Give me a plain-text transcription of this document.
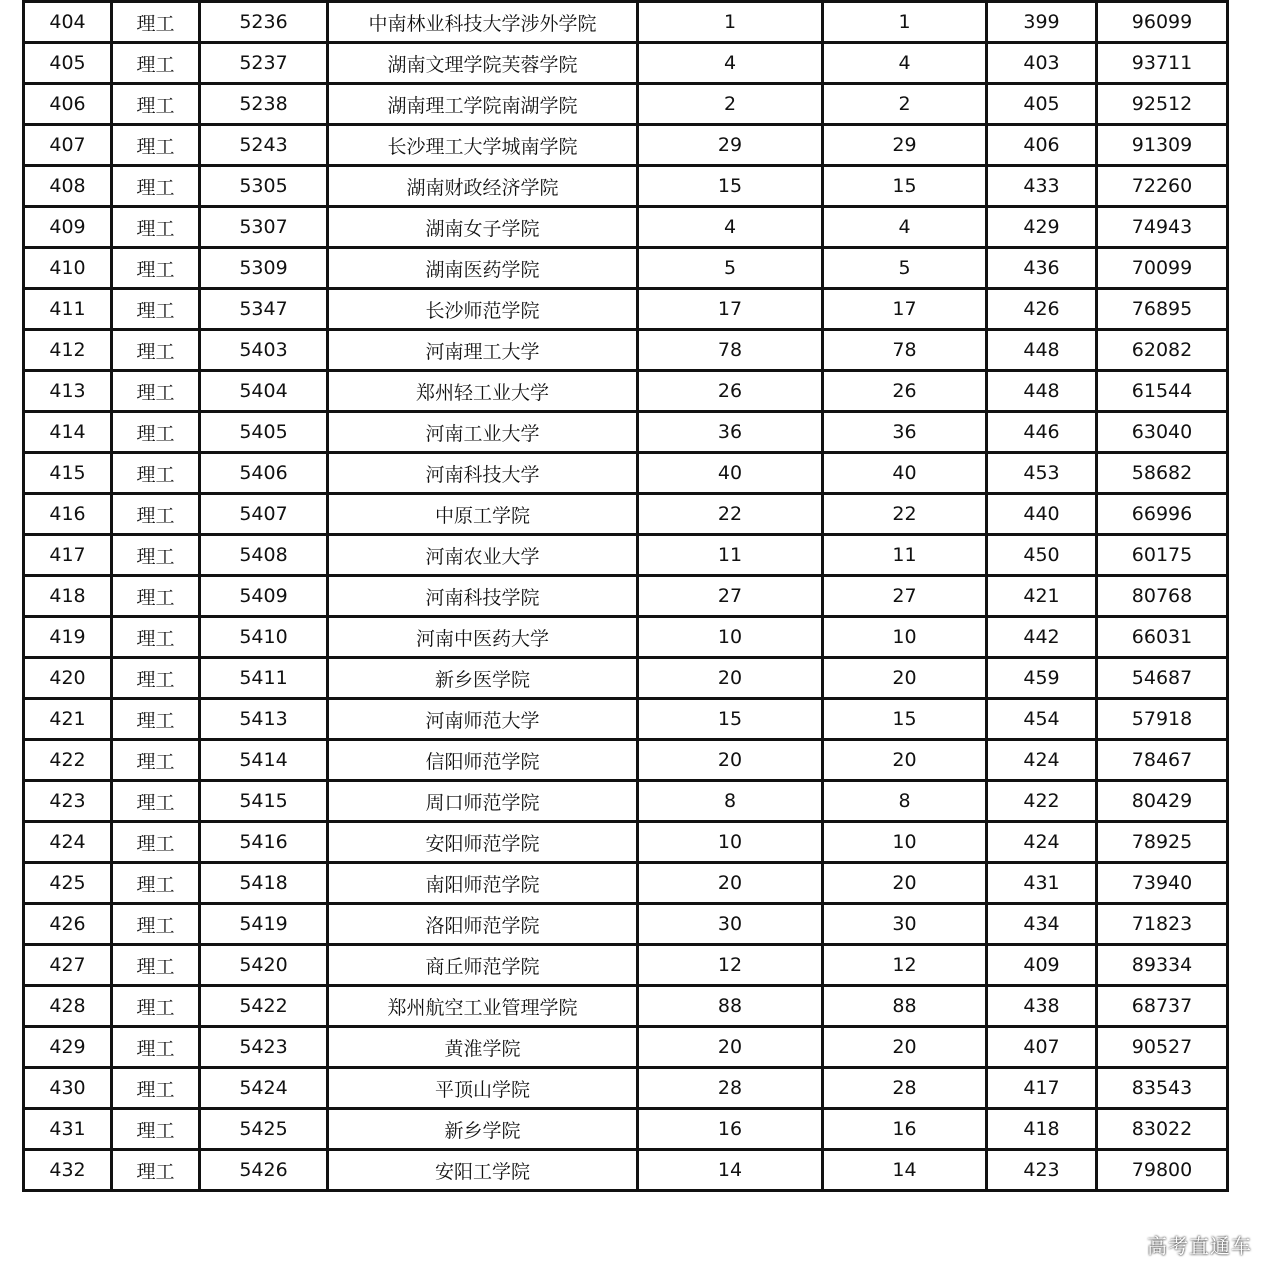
404	理工	5236	中南林业科技大学涉外学院	1	1	399	96099
405	理工	5237	湖南文理学院芙蓉学院	4	4	403	93711
406	理工	5238	湖南理工学院南湖学院	2	2	405	92512
407	理工	5243	长沙理工大学城南学院	29	29	406	91309
408	理工	5305	湖南财政经济学院	15	15	433	72260
409	理工	5307	湖南女子学院	4	4	429	74943
410	理工	5309	湖南医药学院	5	5	436	70099
411	理工	5347	长沙师范学院	17	17	426	76895
412	理工	5403	河南理工大学	78	78	448	62082
413	理工	5404	郑州轻工业大学	26	26	448	61544
414	理工	5405	河南工业大学	36	36	446	63040
415	理工	5406	河南科技大学	40	40	453	58682
416	理工	5407	中原工学院	22	22	440	66996
417	理工	5408	河南农业大学	11	11	450	60175
418	理工	5409	河南科技学院	27	27	421	80768
419	理工	5410	河南中医药大学	10	10	442	66031
420	理工	5411	新乡医学院	20	20	459	54687
421	理工	5413	河南师范大学	15	15	454	57918
422	理工	5414	信阳师范学院	20	20	424	78467
423	理工	5415	周口师范学院	8	8	422	80429
424	理工	5416	安阳师范学院	10	10	424	78925
425	理工	5418	南阳师范学院	20	20	431	73940
426	理工	5419	洛阳师范学院	30	30	434	71823
427	理工	5420	商丘师范学院	12	12	409	89334
428	理工	5422	郑州航空工业管理学院	88	88	438	68737
429	理工	5423	黄淮学院	20	20	407	90527
430	理工	5424	平顶山学院	28	28	417	83543
431	理工	5425	新乡学院	16	16	418	83022
432	理工	5426	安阳工学院	14	14	423	79800
高考直通车
